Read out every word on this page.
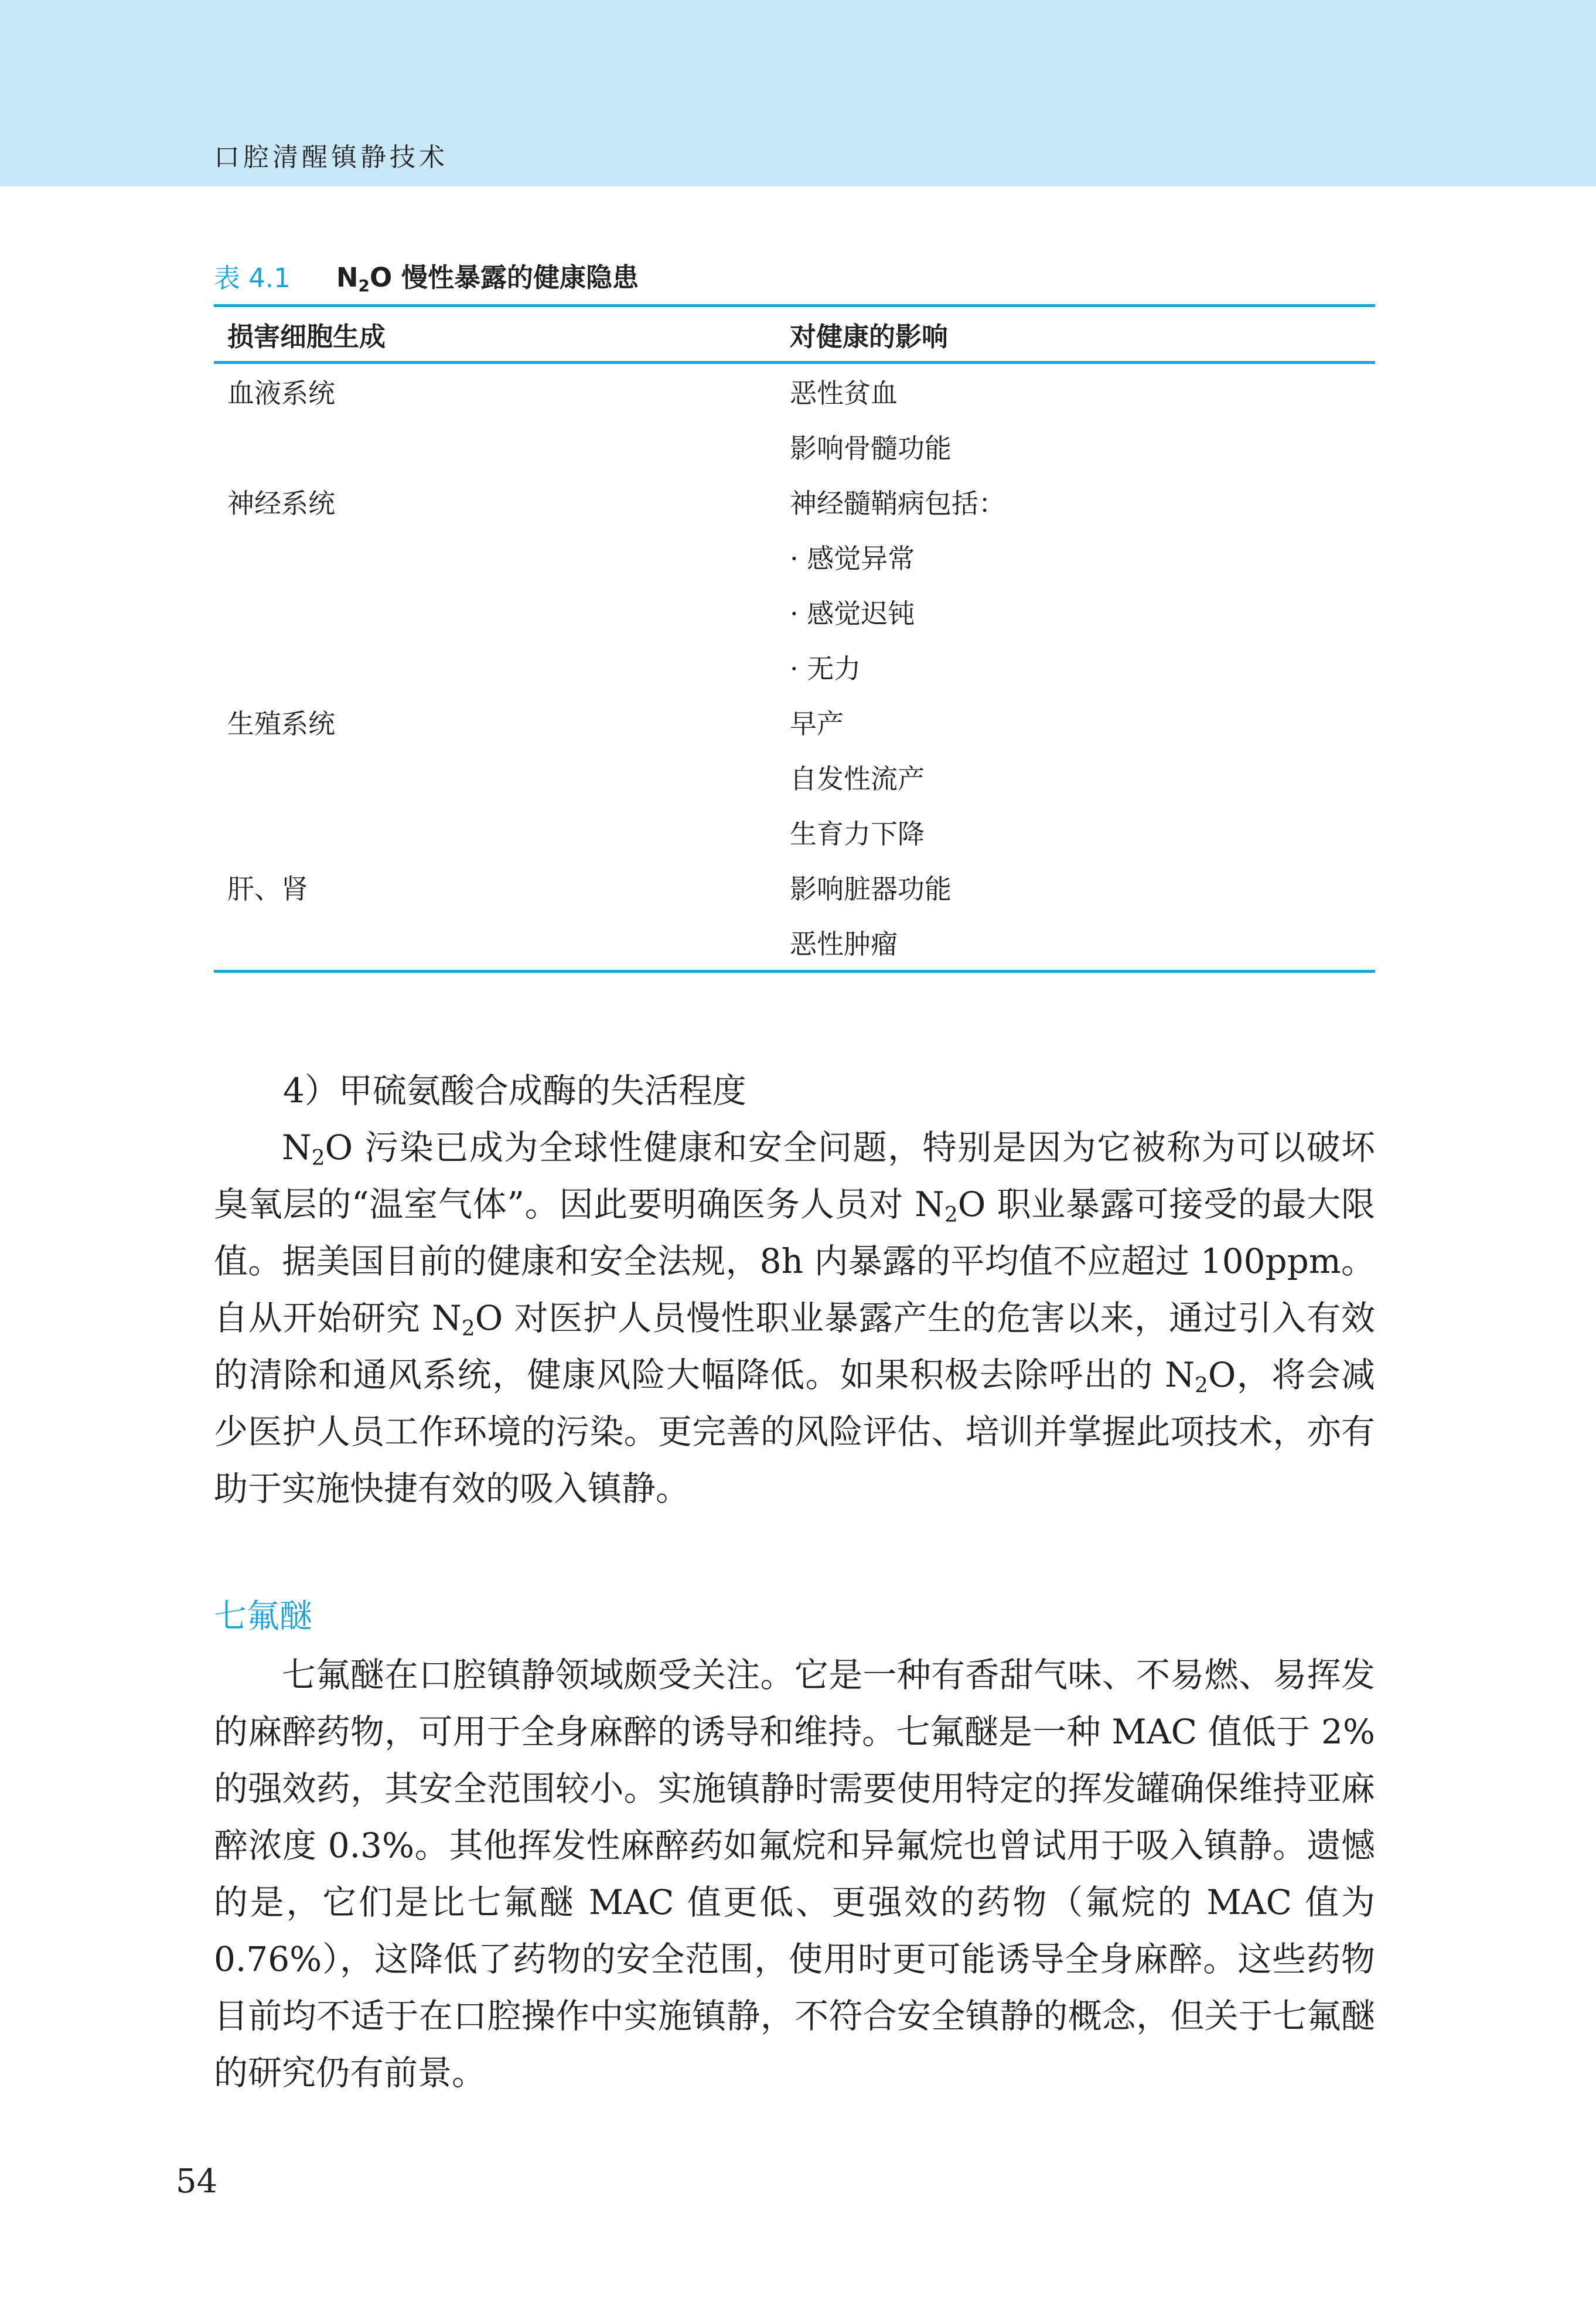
口腔清醒镇静技术
表 4.1 $N_2O$ 慢性暴露的健康隐患
损害细胞生成	对健康的影响
血液系统	恶性贫血
	影响骨髓功能
神经系统	神经髓鞘病包括：
	· 感觉异常
	· 感觉迟钝
	· 无力
生殖系统	早产
	自发性流产
	生育力下降
肝、肾	影响脏器功能
	恶性肿瘤

4）甲硫氨酸合成酶的失活程度

$N_2O$ 污染已成为全球性健康和安全问题，特别是因为它被称为可以破坏臭氧层的“温室气体”。因此要明确医务人员对 $N_2O$ 职业暴露可接受的最大限值。据美国目前的健康和安全法规，8h 内暴露的平均值不应超过 100ppm。自从开始研究 $N_2O$ 对医护人员慢性职业暴露产生的危害以来，通过引入有效的清除和通风系统，健康风险大幅降低。如果积极去除呼出的 $N_2O$，将会减少医护人员工作环境的污染。更完善的风险评估、培训并掌握此项技术，亦有助于实施快捷有效的吸入镇静。

七氟醚

七氟醚在口腔镇静领域颇受关注。它是一种有香甜气味、不易燃、易挥发的麻醉药物，可用于全身麻醉的诱导和维持。七氟醚是一种 MAC 值低于 2% 的强效药，其安全范围较小。实施镇静时需要使用特定的挥发罐确保维持亚麻醉浓度 0.3%。其他挥发性麻醉药如氟烷和异氟烷也曾试用于吸入镇静。遗憾的是，它们是比七氟醚 MAC 值更低、更强效的药物（氟烷的 MAC 值为 0.76%），这降低了药物的安全范围，使用时更可能诱导全身麻醉。这些药物目前均不适于在口腔操作中实施镇静，不符合安全镇静的概念，但关于七氟醚的研究仍有前景。

54
